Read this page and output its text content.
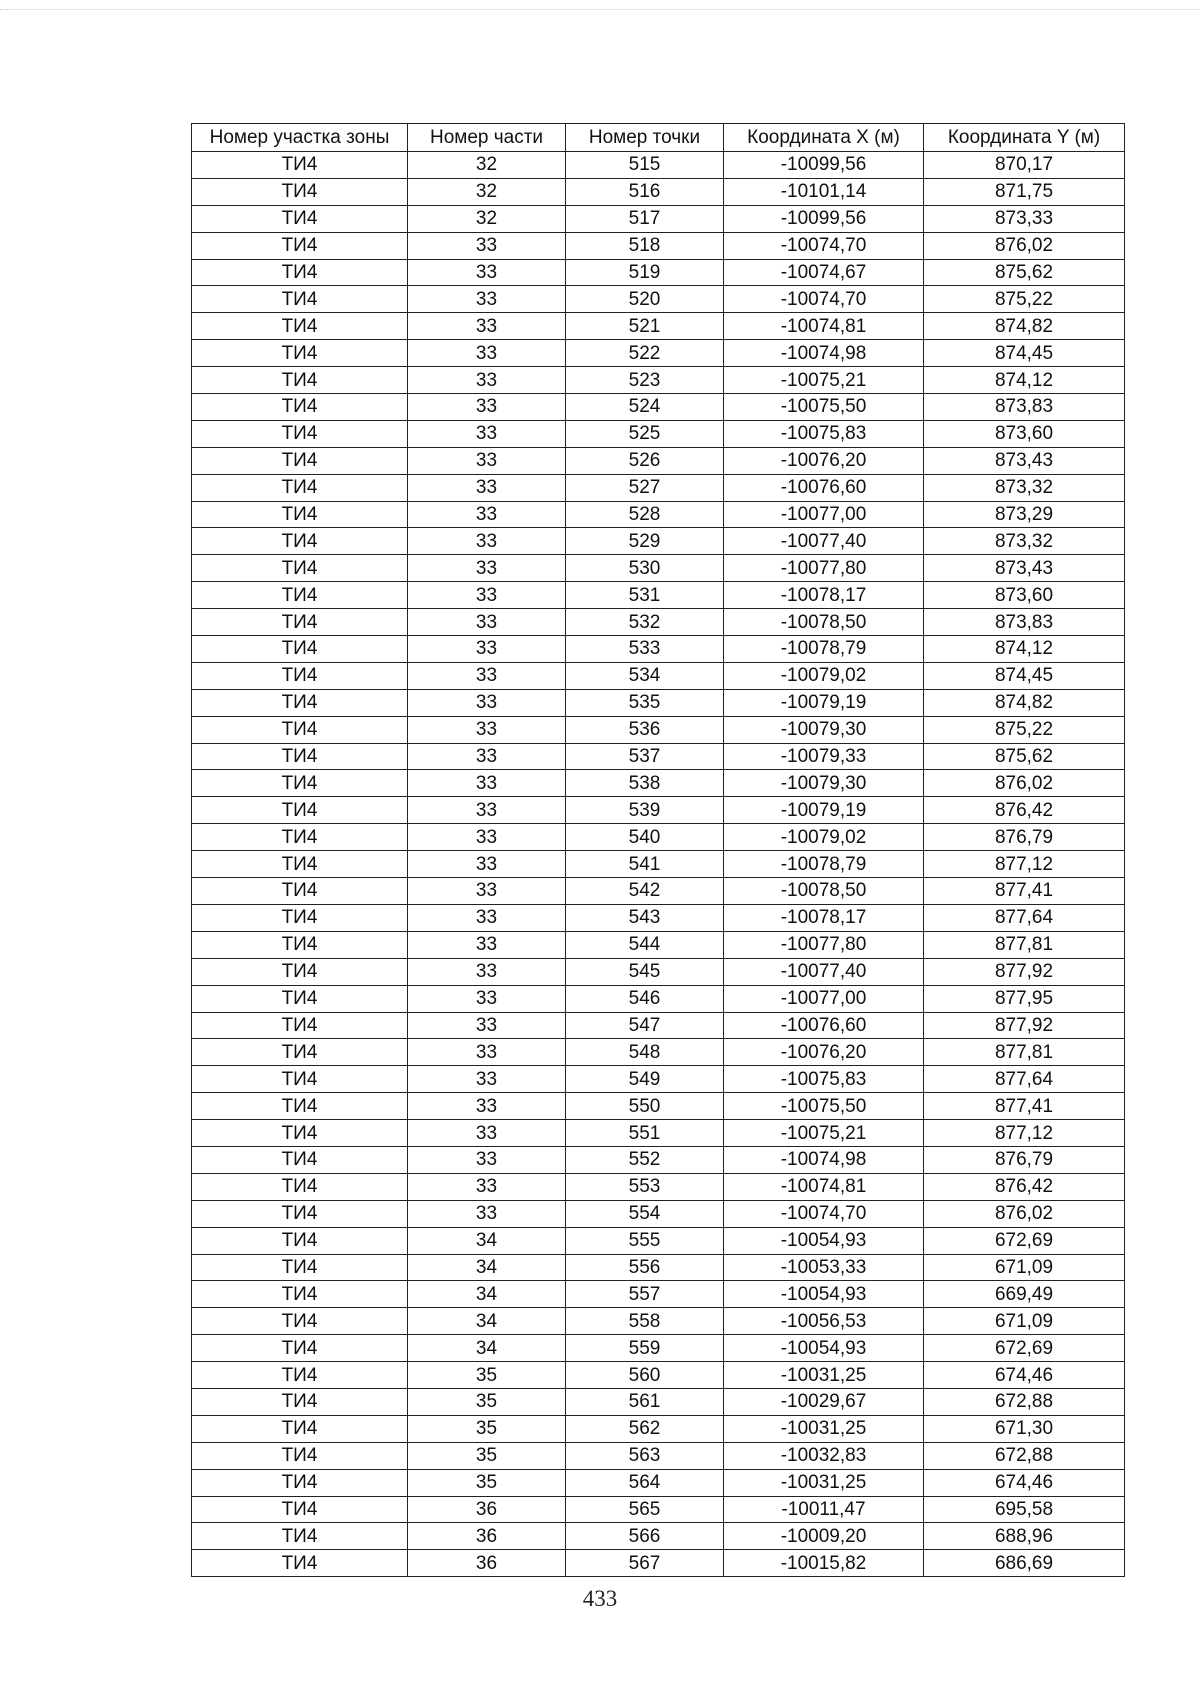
Номер участка зоны	Номер части	Номер точки	Координата X (м)	Координата Y (м)
ТИ4	32	515	-10099,56	870,17
ТИ4	32	516	-10101,14	871,75
ТИ4	32	517	-10099,56	873,33
ТИ4	33	518	-10074,70	876,02
ТИ4	33	519	-10074,67	875,62
ТИ4	33	520	-10074,70	875,22
ТИ4	33	521	-10074,81	874,82
ТИ4	33	522	-10074,98	874,45
ТИ4	33	523	-10075,21	874,12
ТИ4	33	524	-10075,50	873,83
ТИ4	33	525	-10075,83	873,60
ТИ4	33	526	-10076,20	873,43
ТИ4	33	527	-10076,60	873,32
ТИ4	33	528	-10077,00	873,29
ТИ4	33	529	-10077,40	873,32
ТИ4	33	530	-10077,80	873,43
ТИ4	33	531	-10078,17	873,60
ТИ4	33	532	-10078,50	873,83
ТИ4	33	533	-10078,79	874,12
ТИ4	33	534	-10079,02	874,45
ТИ4	33	535	-10079,19	874,82
ТИ4	33	536	-10079,30	875,22
ТИ4	33	537	-10079,33	875,62
ТИ4	33	538	-10079,30	876,02
ТИ4	33	539	-10079,19	876,42
ТИ4	33	540	-10079,02	876,79
ТИ4	33	541	-10078,79	877,12
ТИ4	33	542	-10078,50	877,41
ТИ4	33	543	-10078,17	877,64
ТИ4	33	544	-10077,80	877,81
ТИ4	33	545	-10077,40	877,92
ТИ4	33	546	-10077,00	877,95
ТИ4	33	547	-10076,60	877,92
ТИ4	33	548	-10076,20	877,81
ТИ4	33	549	-10075,83	877,64
ТИ4	33	550	-10075,50	877,41
ТИ4	33	551	-10075,21	877,12
ТИ4	33	552	-10074,98	876,79
ТИ4	33	553	-10074,81	876,42
ТИ4	33	554	-10074,70	876,02
ТИ4	34	555	-10054,93	672,69
ТИ4	34	556	-10053,33	671,09
ТИ4	34	557	-10054,93	669,49
ТИ4	34	558	-10056,53	671,09
ТИ4	34	559	-10054,93	672,69
ТИ4	35	560	-10031,25	674,46
ТИ4	35	561	-10029,67	672,88
ТИ4	35	562	-10031,25	671,30
ТИ4	35	563	-10032,83	672,88
ТИ4	35	564	-10031,25	674,46
ТИ4	36	565	-10011,47	695,58
ТИ4	36	566	-10009,20	688,96
ТИ4	36	567	-10015,82	686,69
433
